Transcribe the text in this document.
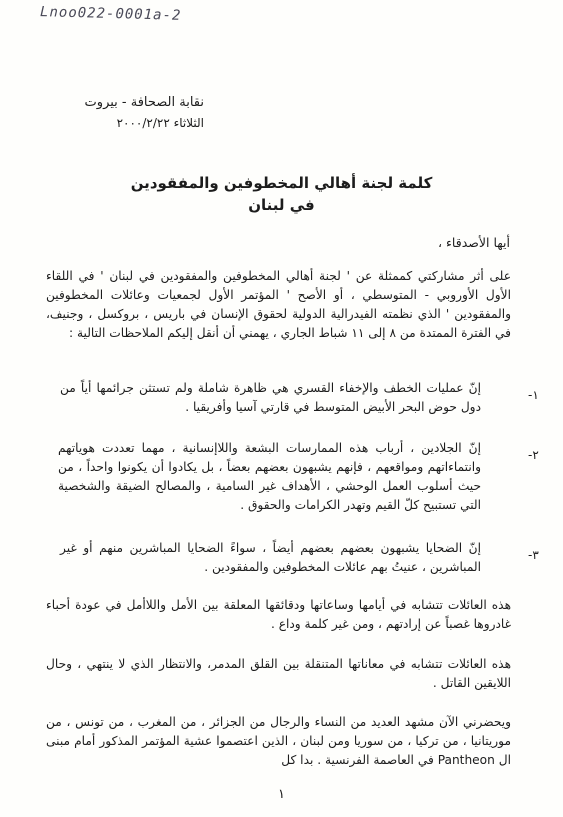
Lnoo022-0001a-2
نقابة الصحافة - بيروت
الثلاثاء ٢٠٠٠/٢/٢٢
كلمة لجنة أهالي المخطوفين والمفقودين
في لبنان
أيها الأصدقاء ،
على أثر مشاركتي كممثلة عن ' لجنة أهالي المخطوفين والمفقودين في لبنان ' في اللقاء الأول الأوروبي - المتوسطي ، أو الأصح ' المؤتمر الأول لجمعيات وعائلات المخطوفين والمفقودين ' الذي نظمته الفيدرالية الدولية لحقوق الإنسان في باريس ، بروكسل ، وجنيف، في الفترة الممتدة من ٨ إلى ١١ شباط الجاري ، يهمني أن أنقل إليكم الملاحظات التالية :
١-
إنّ عمليات الخطف والإخفاء القسري هي ظاهرة شاملة ولم تستثن جرائمها أياً من دول حوض البحر الأبيض المتوسط في قارتي آسيا وأفريقيا .
٢-
إنّ الجلادين ، أرباب هذه الممارسات البشعة واللاإنسانية ، مهما تعددت هوياتهم وانتماءاتهم ومواقعهم ، فإنهم يشبهون بعضهم بعضاً ، بل يكادوا أن يكونوا واحداً ، من حيث أسلوب العمل الوحشي ، الأهداف غير السامية ، والمصالح الضيقة والشخصية التي تستبيح كلّ القيم وتهدر الكرامات والحقوق .
٣-
إنّ الضحايا يشبهون بعضهم بعضهم أيضاً ، سواءً الضحايا المباشرين منهم أو غير المباشرين ، عنيتُ بهم عائلات المخطوفين والمفقودين .
هذه العائلات تتشابه في أيامها وساعاتها ودقائقها المعلقة بين الأمل واللاأمل في عودة أحباء غادروها غصباً عن إرادتهم ، ومن غير كلمة وداع .
هذه العائلات تتشابه في معاناتها المتنقلة بين القلق المدمر، والانتظار الذي لا ينتهي ، وحال اللايقين القاتل .
ويحضرني الآن مشهد العديد من النساء والرجال من الجزائر ، من المغرب ، من تونس ، من موريتانيا ، من تركيا ، من سوريا ومن لبنان ، الذين اعتصموا عشية المؤتمر المذكور أمام مبنى ال Pantheon في العاصمة الفرنسية . بدا كل
١
